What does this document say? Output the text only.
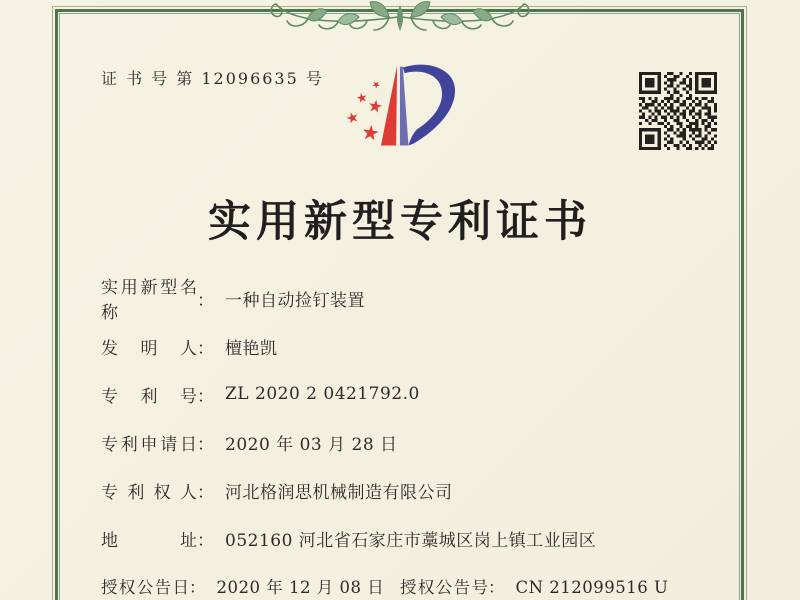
证 书 号 第 12096635 号
实用新型专利证书
实用新型名称
： 一种自动捡钉装置
发明人 ： 檀艳凯
专利号 ： ZL 2020 2 0421792.0
专利申请日 ： 2020 年 03 月 28 日
专利权人 ： 河北格润思机械制造有限公司
地址 ： 052160 河北省石家庄市藁城区岗上镇工业园区
授权公告日： 2020 年 12 月 08 日 授权公告号： CN 212099516 U
